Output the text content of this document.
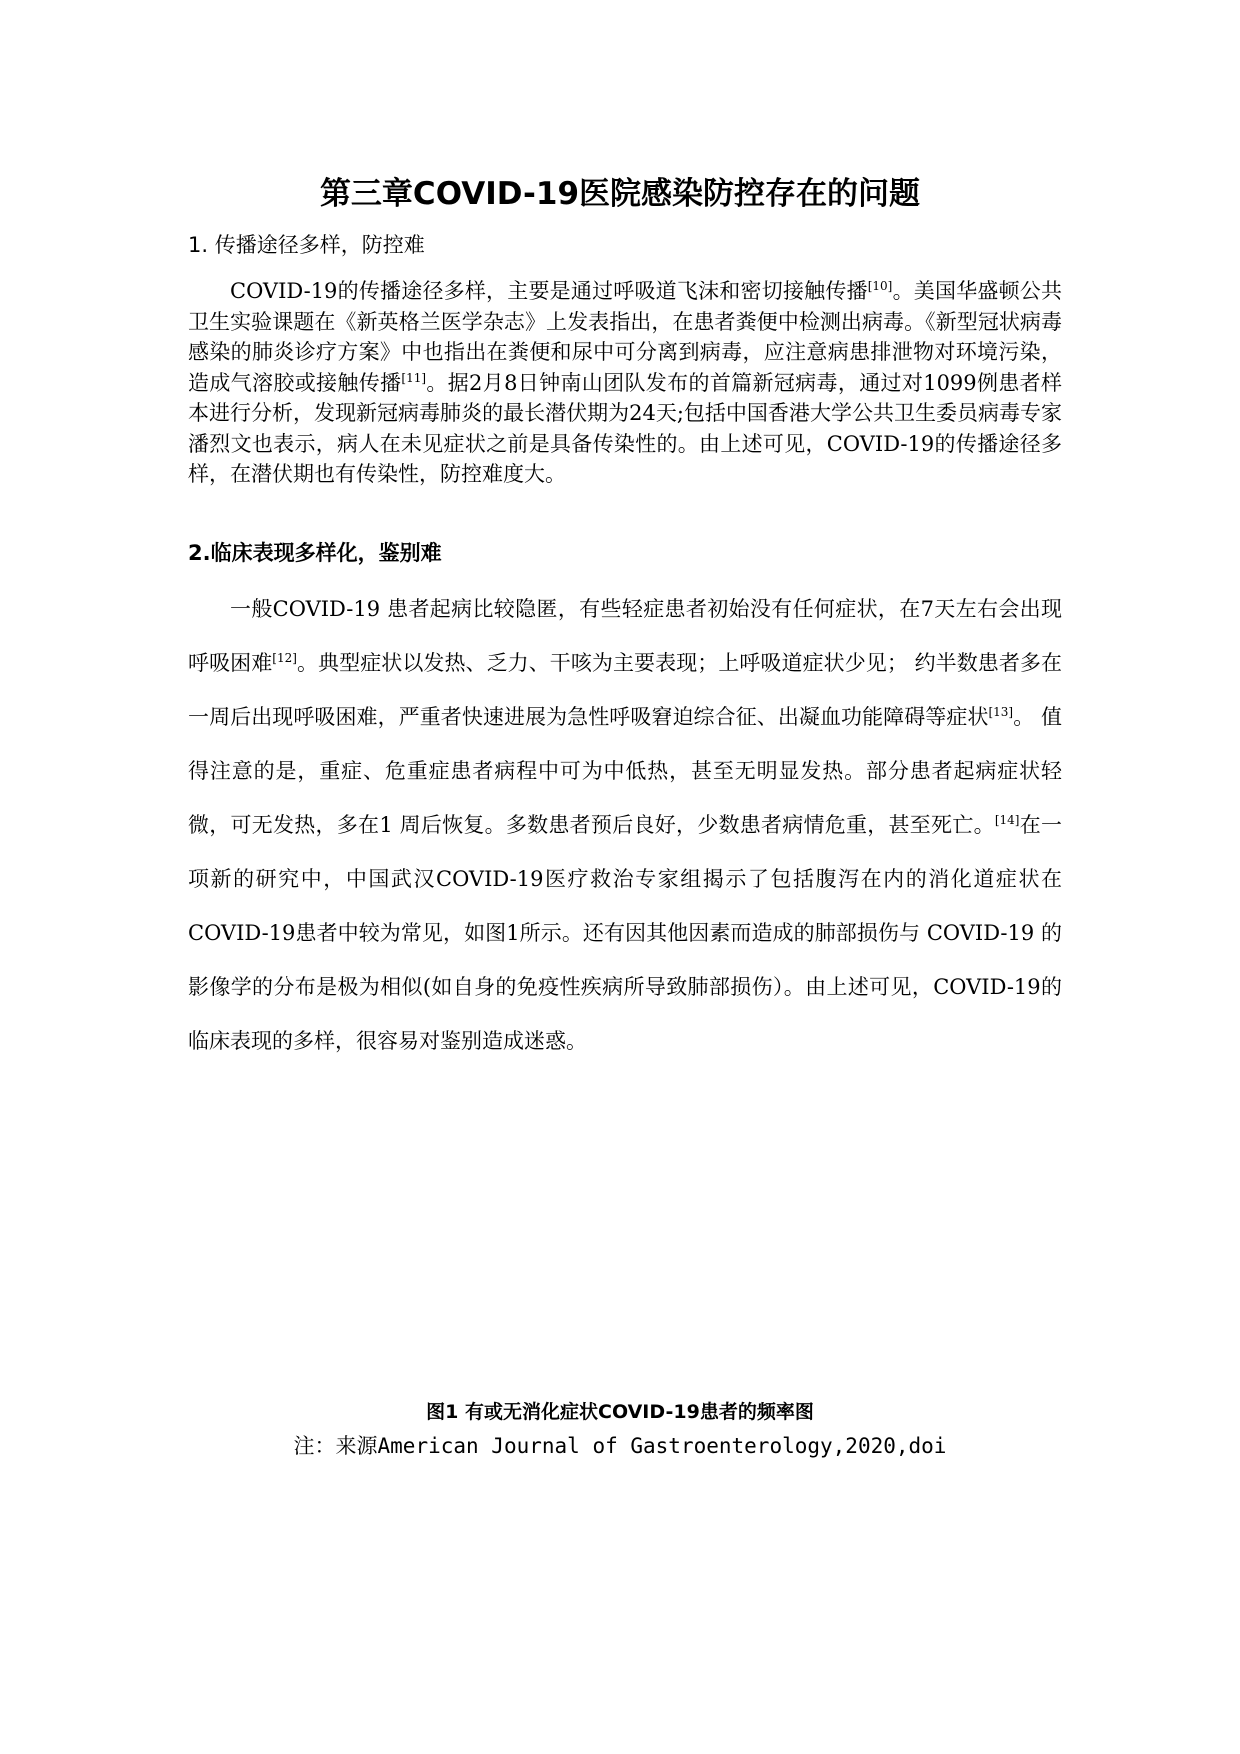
第三章COVID-19医院感染防控存在的问题
1. 传播途径多样，防控难

COVID-19的传播途径多样，主要是通过呼吸道飞沫和密切接触传播[10]。美国华盛顿公共卫生实验课题在《新英格兰医学杂志》上发表指出，在患者粪便中检测出病毒。《新型冠状病毒感染的肺炎诊疗方案》中也指出在粪便和尿中可分离到病毒，应注意病患排泄物对环境污染，造成气溶胶或接触传播[11]。据2月8日钟南山团队发布的首篇新冠病毒，通过对1099例患者样本进行分析，发现新冠病毒肺炎的最长潜伏期为24天;包括中国香港大学公共卫生委员病毒专家潘烈文也表示，病人在未见症状之前是具备传染性的。由上述可见，COVID-19的传播途径多样，在潜伏期也有传染性，防控难度大。

2.临床表现多样化，鉴别难

一般COVID-19 患者起病比较隐匿，有些轻症患者初始没有任何症状，在7天左右会出现呼吸困难[12]。典型症状以发热、乏力、干咳为主要表现；上呼吸道症状少见； 约半数患者多在一周后出现呼吸困难，严重者快速进展为急性呼吸窘迫综合征、出凝血功能障碍等症状[13]。 值得注意的是，重症、危重症患者病程中可为中低热，甚至无明显发热。部分患者起病症状轻微，可无发热，多在1 周后恢复。多数患者预后良好，少数患者病情危重，甚至死亡。[14]在一项新的研究中，中国武汉COVID-19医疗救治专家组揭示了包括腹泻在内的消化道症状在COVID-19患者中较为常见，如图1所示。还有因其他因素而造成的肺部损伤与 COVID-19 的影像学的分布是极为相似(如自身的免疫性疾病所导致肺部损伤）。由上述可见，COVID-19的临床表现的多样，很容易对鉴别造成迷惑。

图1 有或无消化症状COVID-19患者的频率图
注：来源American Journal of Gastroenterology,2020,doi
